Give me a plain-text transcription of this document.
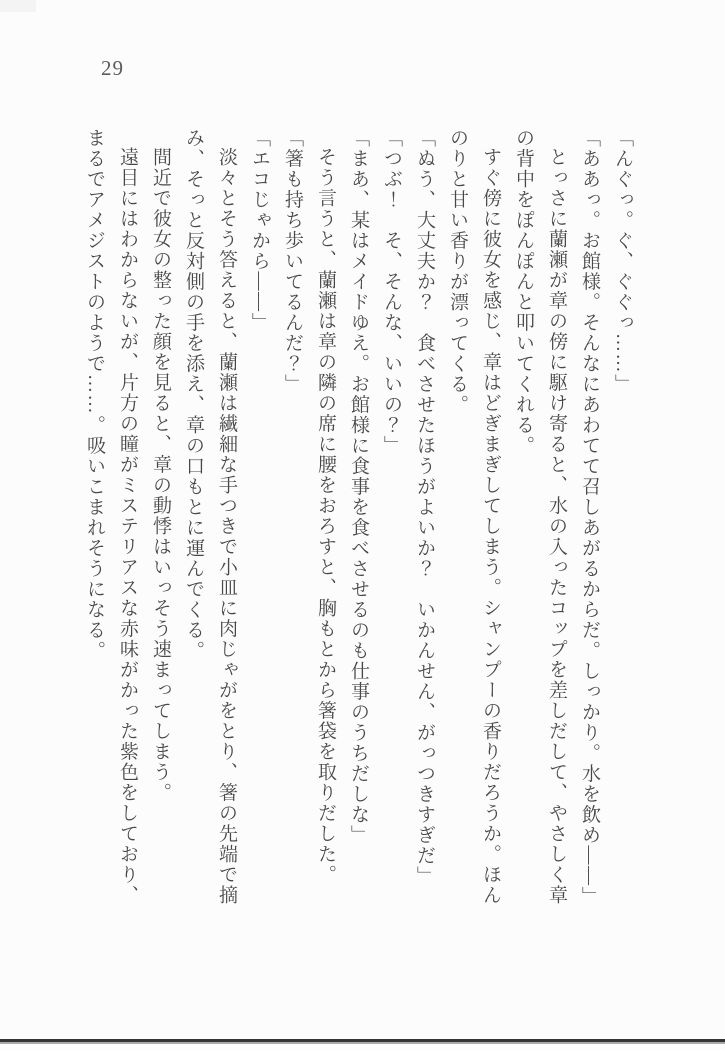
29

「んぐっ。ぐ、ぐぐっ……」

「ああっ。お館様。そんなにあわてて召しあがるからだ。しっかり。水を飲め――」

とっさに蘭瀬が章の傍に駆け寄ると、水の入ったコップを差しだして、やさしく章

の背中をぽんぽんと叩いてくれる。

すぐ傍に彼女を感じ、章はどぎまぎしてしまう。シャンプーの香りだろうか。ほん

のりと甘い香りが漂ってくる。

「ぬう、大丈夫か？　食べさせたほうがよいか？　いかんせん、がっつきすぎだ」

「つぶ！　そ、そんな、いいの？」

「まあ、某はメイドゆえ。お館様に食事を食べさせるのも仕事のうちだしな」

そう言うと、蘭瀬は章の隣の席に腰をおろすと、胸もとから箸袋を取りだした。

「箸も持ち歩いてるんだ？」

「エコじゃから――」

淡々とそう答えると、蘭瀬は繊細な手つきで小皿に肉じゃがをとり、箸の先端で摘

み、そっと反対側の手を添え、章の口もとに運んでくる。

間近で彼女の整った顔を見ると、章の動悸はいっそう速まってしまう。

遠目にはわからないが、片方の瞳がミステリアスな赤味がかった紫色をしており、

まるでアメジストのようで……。吸いこまれそうになる。
